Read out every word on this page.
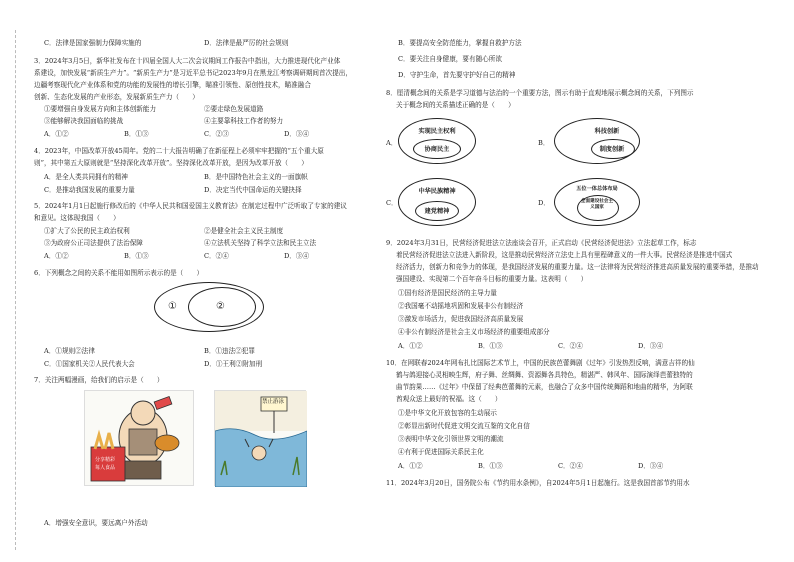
C．法律是国家强制力保障实施的	D．法律是最严厉的社会规则
3．2024年3月5日，新华社发布在十四届全国人大二次会议期间工作报告中指出，大力推进现代化产业体
系建设，加快发展“新质生产力”。“新质生产力”是习近平总书记2023年9月在黑龙江考察调研期间首次提出，
边疆考察现代化产业体系和党的功能的发展性的增长引擎，瞄准引领性、原创性技术，瞄准融合
创新、生态化发展的产业形态，发展新质生产力（　　）
①要增强自身发展方向和主体创新能力	②要走绿色发展道路
③能够解决我国面临的挑战	④主要靠科技工作者的努力
A．①②	B．①③	C．②③	D．③④
4．2023年，中国改革开放45周年。党的二十大报告明确了在新征程上必须牢牢把握的“五个重大原
则”，其中第五大原则就是“坚持深化改革开放”。坚持深化改革开放，是因为改革开放（　　）
A．是全人类共同拥有的精神	B．是中国特色社会主义的一面旗帜
C．是推动我国发展的重要力量	D．决定当代中国命运的关键抉择
5．2024年1月1日起施行修改后的《中华人民共和国爱国主义教育法》在制定过程中广泛听取了专家的建议
和意见。这体现我国（　　）
①扩大了公民的民主政治权利	②是健全社会主义民主制度
③为政府公正司法提供了法治保障	④立法机关坚持了科学立法和民主立法
A．①②	B．①③	C．②④	D．③④
6．下列概念之间的关系不能用如图所示表示的是（　　）
①	②
A．①规则②法律	B．①违法②犯罪
C．①国家机关②人民代表大会	D．①王利②附加刑
7．关注两幅漫画，给我们的启示是（　　）
分享精彩
每人食品
禁止游泳
A．增强安全意识，要远离户外活动
B．要提高安全防范能力，掌握自救护方法
C．要关注自身健康，要有随心所欲
D．守护生命，首先要守护好自己的精神
8．厘清概念间的关系是学习道德与法治的一个重要方法，图示有助于直观地展示概念间的关系，下列图示
关于概念间的关系描述正确的是（　　）
实现民主权利
协商民主
A．
科技创新
制度创新
B．
中华民族精神
建党精神
C．
五位一体总体布局
全面建设社会主义国家
D．
9．2024年3月31日，民营经济促进法立法座谈会召开，正式启动《民营经济促进法》立法起草工作，标志
着民营经济促进法立法进入新阶段，这是推动民营经济立法史上具有里程碑意义的一件大事。民营经济是推进中国式
经济活力，创新力和竞争力的体现，是我国经济发展的重要力量。这一法律将为民营经济推进高质量发展的重要举措，是推动
强国建设、实现第二个百年奋斗目标的重要力量。这表明（　　）
①国有经济是国民经济的主导力量
②我国毫不动摇地巩固和发展非公有制经济
③激发市场活力，促进我国经济高质量发展
④非公有制经济是社会主义市场经济的重要组成部分
A．①②	B．①③	C．②④	D．③④
10．在网联春2024年网布扎比国际艺术节上，中国的民族芭蕾舞剧《过年》引发热烈反响，满意吉祥的仙
鹤与鸽迎接心灵相映生辉，府子舞、丝绸舞、资源舞各具特色，精湛严、韩风年、国际演绎芭蕾独特的
曲节韵果……《过年》中保留了经典芭蕾舞的元素，也融合了众多中国传统舞蹈和地曲的精华，为阿联
酋观众送上最好的祝福。这（　　）
①是中华文化开放包容的生动展示
②彰显出新时代促进文明交流互鉴的文化自信
③表明中华文化引领世界文明的潮流
④有利于促进国际关系民主化
A．①②	B．①③	C．②④	D．③④
11．2024年3月20日，国务院公布《节约用水条例》，自2024年5月1日起施行。这是我国首部节约用水
